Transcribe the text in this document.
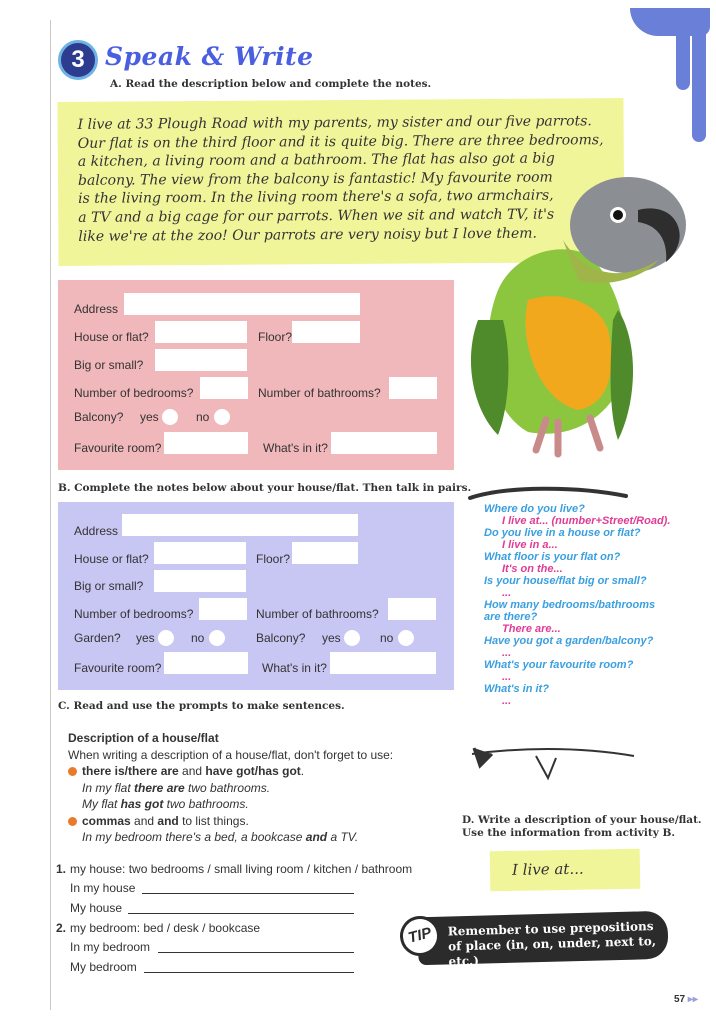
3 Speak & Write
A. Read the description below and complete the notes.
I live at 33 Plough Road with my parents, my sister and our five parrots.
Our flat is on the third floor and it is quite big. There are three bedrooms,
a kitchen, a living room and a bathroom. The flat has also got a big
balcony. The view from the balcony is fantastic! My favourite room
is the living room. In the living room there's a sofa, two armchairs,
a TV and a big cage for our parrots. When we sit and watch TV, it's
like we're at the zoo! Our parrots are very noisy but I love them.
Address
House or flat?	Floor?
Big or small?
Number of bedrooms?	Number of bathrooms?
Balcony? yes	no
Favourite room?	What's in it?
B. Complete the notes below about your house/flat. Then talk in pairs.
Address
House or flat?	Floor?
Big or small?
Number of bedrooms?	Number of bathrooms?
Garden? yes	no	Balcony? yes	no
Favourite room?	What's in it?
Where do you live?
I live at... (number+Street/Road).
Do you live in a house or flat?
I live in a...
What floor is your flat on?
It's on the...
Is your house/flat big or small?
...
How many bedrooms/bathrooms
are there?
There are...
Have you got a garden/balcony?
...
What's your favourite room?
...
What's in it?
...
C. Read and use the prompts to make sentences.
Description of a house/flat
When writing a description of a house/flat, don't forget to use:
there is/there are and have got/has got.
In my flat there are two bathrooms.
My flat has got two bathrooms.
commas and and to list things.
In my bedroom there's a bed, a bookcase and a TV.
1. my house: two bedrooms / small living room / kitchen / bathroom
In my house
My house
2. my bedroom: bed / desk / bookcase
In my bedroom
My bedroom
D. Write a description of your house/flat.
Use the information from activity B.
I live at...
Remember to use prepositions
of place (in, on, under, next to, etc.)
TIP
57 ▸▸
